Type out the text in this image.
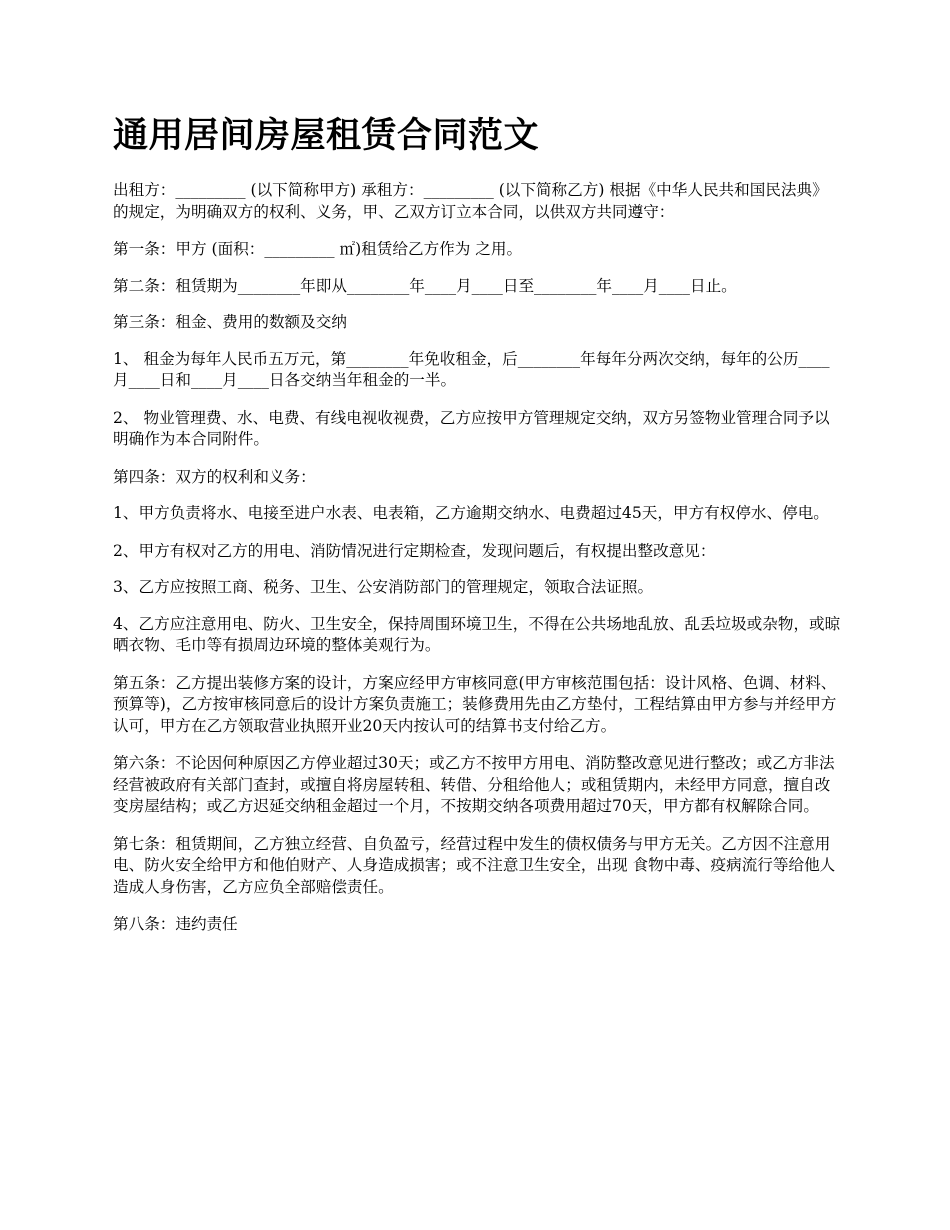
通用居间房屋租赁合同范文

出租方：_________ (以下简称甲方) 承租方：_________ (以下简称乙方) 根据《中华人民共和国民法典》的规定，为明确双方的权利、义务，甲、乙双方订立本合同，以供双方共同遵守：

第一条：甲方 (面积：_________ ㎡)租赁给乙方作为 之用。

第二条：租赁期为________年即从________年____月____日至________年____月____日止。

第三条：租金、费用的数额及交纳

1、 租金为每年人民币五万元，第________年免收租金，后________年每年分两次交纳，每年的公历____月____日和____月____日各交纳当年租金的一半。

2、 物业管理费、水、电费、有线电视收视费，乙方应按甲方管理规定交纳，双方另签物业管理合同予以明确作为本合同附件。

第四条：双方的权利和义务：

1、甲方负责将水、电接至进户水表、电表箱，乙方逾期交纳水、电费超过45天，甲方有权停水、停电。

2、甲方有权对乙方的用电、消防情况进行定期检查，发现问题后，有权提出整改意见：

3、乙方应按照工商、税务、卫生、公安消防部门的管理规定，领取合法证照。

4、乙方应注意用电、防火、卫生安全，保持周围环境卫生，不得在公共场地乱放、乱丢垃圾或杂物，或晾晒衣物、毛巾等有损周边环境的整体美观行为。

第五条：乙方提出装修方案的设计，方案应经甲方审核同意(甲方审核范围包括：设计风格、色调、材料、预算等)，乙方按审核同意后的设计方案负责施工；装修费用先由乙方垫付，工程结算由甲方参与并经甲方认可，甲方在乙方领取营业执照开业20天内按认可的结算书支付给乙方。

第六条：不论因何种原因乙方停业超过30天；或乙方不按甲方用电、消防整改意见进行整改；或乙方非法经营被政府有关部门查封，或擅自将房屋转租、转借、分租给他人；或租赁期内，未经甲方同意，擅自改变房屋结构；或乙方迟延交纳租金超过一个月，不按期交纳各项费用超过70天，甲方都有权解除合同。

第七条：租赁期间，乙方独立经营、自负盈亏，经营过程中发生的债权债务与甲方无关。乙方因不注意用电、防火安全给甲方和他伯财产、人身造成损害；或不注意卫生安全，出现 食物中毒、疫病流行等给他人造成人身伤害，乙方应负全部赔偿责任。

第八条：违约责任
